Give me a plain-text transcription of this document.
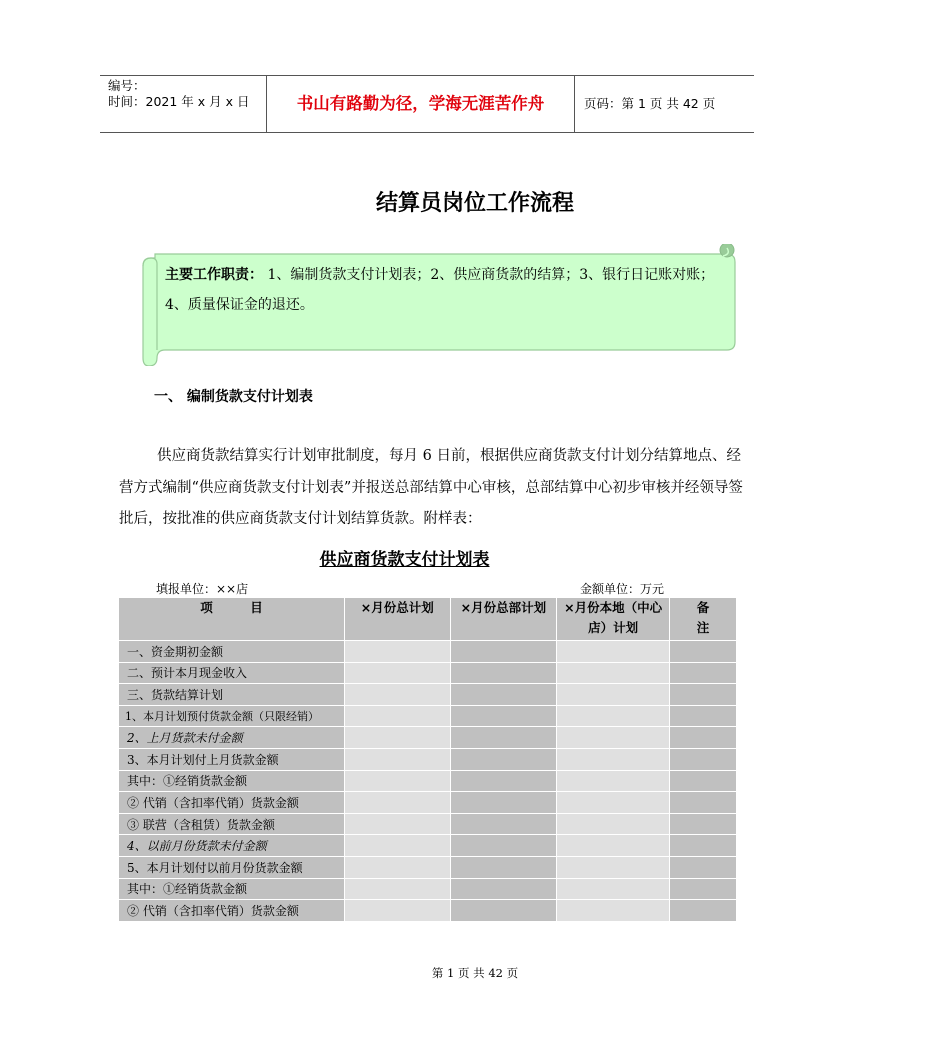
编号：
时间：2021 年 x 月 x 日	书山有路勤为径，学海无涯苦作舟	页码：第 1 页 共 42 页
结算员岗位工作流程
主要工作职责： 1、编制货款支付计划表；2、供应商货款的结算；3、银行日记账对账；4、质量保证金的退还。
一、 编制货款支付计划表
供应商货款结算实行计划审批制度，每月 6 日前，根据供应商货款支付计划分结算地点、经营方式编制“供应商货款支付计划表”并报送总部结算中心审核，总部结算中心初步审核并经领导签批后，按批准的供应商货款支付计划结算货款。附样表：
供应商货款支付计划表
填报单位：××店	金额单位：万元
项　　　目	×月份总计划	×月份总部计划	×月份本地（中心店）计划	备注
一、资金期初金额				
二、预计本月现金收入				
三、货款结算计划				
1、本月计划预付货款金额（只限经销）				
2、上月货款未付金额				
3、本月计划付上月货款金额				
其中：①经销货款金额				
② 代销（含扣率代销）货款金额				
③ 联营（含租赁）货款金额				
4、以前月份货款未付金额				
5、本月计划付以前月份货款金额				
其中：①经销货款金额				
② 代销（含扣率代销）货款金额				
第 1 页 共 42 页
